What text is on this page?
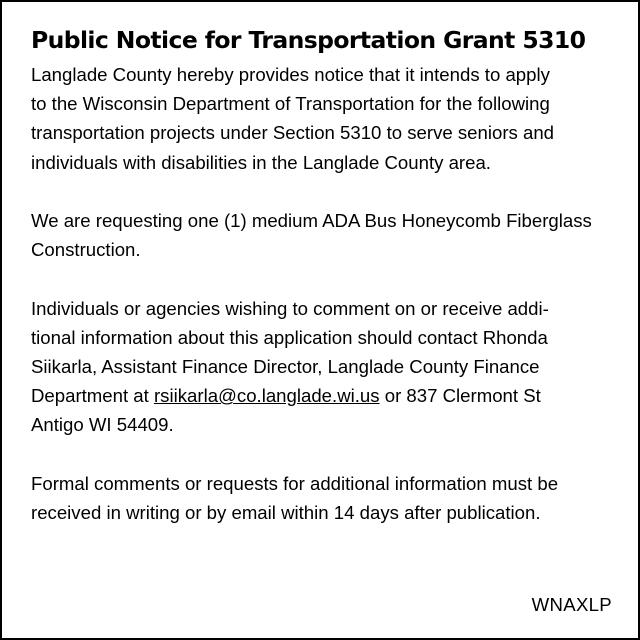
Public Notice for Transportation Grant 5310
Langlade County hereby provides notice that it intends to apply
to the Wisconsin Department of Transportation for the following
transportation projects under Section 5310 to serve seniors and
individuals with disabilities in the Langlade County area.
We are requesting one (1) medium ADA Bus Honeycomb Fiberglass
Construction.
Individuals or agencies wishing to comment on or receive addi-
tional information about this application should contact Rhonda
Siikarla, Assistant Finance Director, Langlade County Finance
Department at rsiikarla@co.langlade.wi.us or 837 Clermont St
Antigo WI 54409.
Formal comments or requests for additional information must be
received in writing or by email within 14 days after publication.
WNAXLP
